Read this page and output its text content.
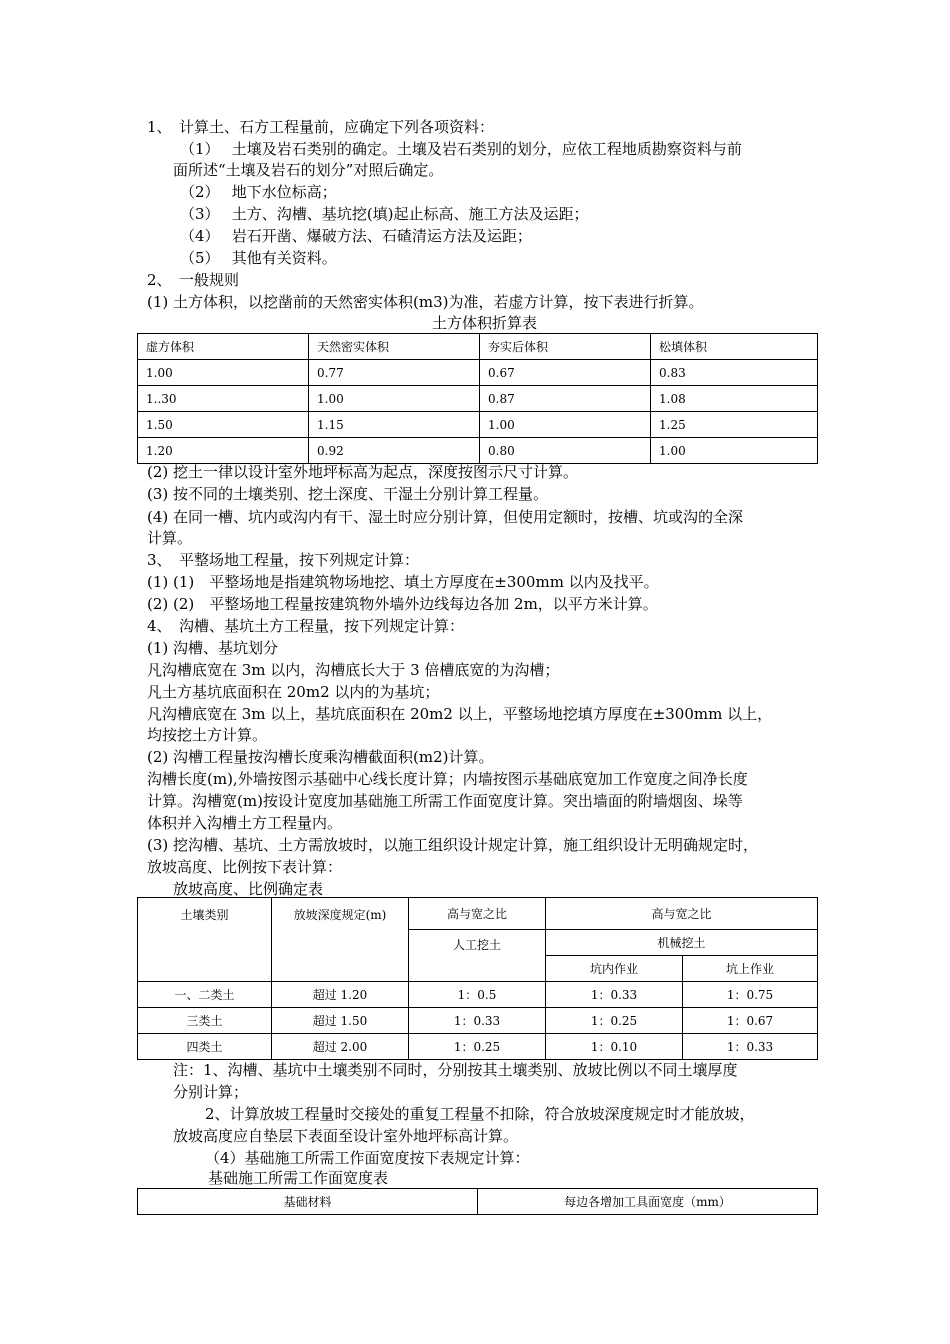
1、　计算土、石方工程量前，应确定下列各项资料：
（1）　 土壤及岩石类别的确定。土壤及岩石类别的划分，应依工程地质勘察资料与前
面所述“土壤及岩石的划分”对照后确定。
（2）　 地下水位标高；
（3）　 土方、沟槽、基坑挖(填)起止标高、施工方法及运距；
（4）　 岩石开凿、爆破方法、石碴清运方法及运距；
（5）　 其他有关资料。
2、　一般规则
(1) 土方体积，以挖凿前的天然密实体积(m3)为准，若虚方计算，按下表进行折算。
土方体积折算表
虚方体积	天然密实体积	夯实后体积	松填体积
1.00	0.77	0.67	0.83
1..30	1.00	0.87	1.08
1.50	1.15	1.00	1.25
1.20	0.92	0.80	1.00
(2) 挖土一律以设计室外地坪标高为起点，深度按图示尺寸计算。
(3) 按不同的土壤类别、挖土深度、干湿土分别计算工程量。
(4) 在同一槽、坑内或沟内有干、湿土时应分别计算，但使用定额时，按槽、坑或沟的全深
计算。
3、　平整场地工程量，按下列规定计算：
(1) (1)　平整场地是指建筑物场地挖、填土方厚度在±300mm 以内及找平。
(2) (2)　平整场地工程量按建筑物外墙外边线每边各加 2m，以平方米计算。
4、　沟槽、基坑土方工程量，按下列规定计算：
(1) 沟槽、基坑划分
凡沟槽底宽在 3m 以内，沟槽底长大于 3 倍槽底宽的为沟槽；
凡土方基坑底面积在 20m2 以内的为基坑；
凡沟槽底宽在 3m 以上，基坑底面积在 20m2 以上，平整场地挖填方厚度在±300mm 以上，
均按挖土方计算。
(2) 沟槽工程量按沟槽长度乘沟槽截面积(m2)计算。
沟槽长度(m),外墙按图示基础中心线长度计算；内墙按图示基础底宽加工作宽度之间净长度
计算。沟槽宽(m)按设计宽度加基础施工所需工作面宽度计算。突出墙面的附墙烟囱、垛等
体积并入沟槽土方工程量内。
(3) 挖沟槽、基坑、土方需放坡时，以施工组织设计规定计算，施工组织设计无明确规定时，
放坡高度、比例按下表计算：
放坡高度、比例确定表
土壤类别	放坡深度规定(m)	高与宽之比	高与宽之比	
		人工挖土	机械挖土	
			坑内作业	坑上作业
一、二类土	超过 1.20	1：0.5	1：0.33	1：0.75
三类土	超过 1.50	1：0.33	1：0.25	1：0.67
四类土	超过 2.00	1：0.25	1：0.10	1：0.33
注：1、沟槽、基坑中土壤类别不同时，分别按其土壤类别、放坡比例以不同土壤厚度
分别计算；
2、计算放坡工程量时交接处的重复工程量不扣除，符合放坡深度规定时才能放坡，
放坡高度应自垫层下表面至设计室外地坪标高计算。
（4）基础施工所需工作面宽度按下表规定计算：
基础施工所需工作面宽度表
基础材料	每边各增加工具面宽度（mm）
